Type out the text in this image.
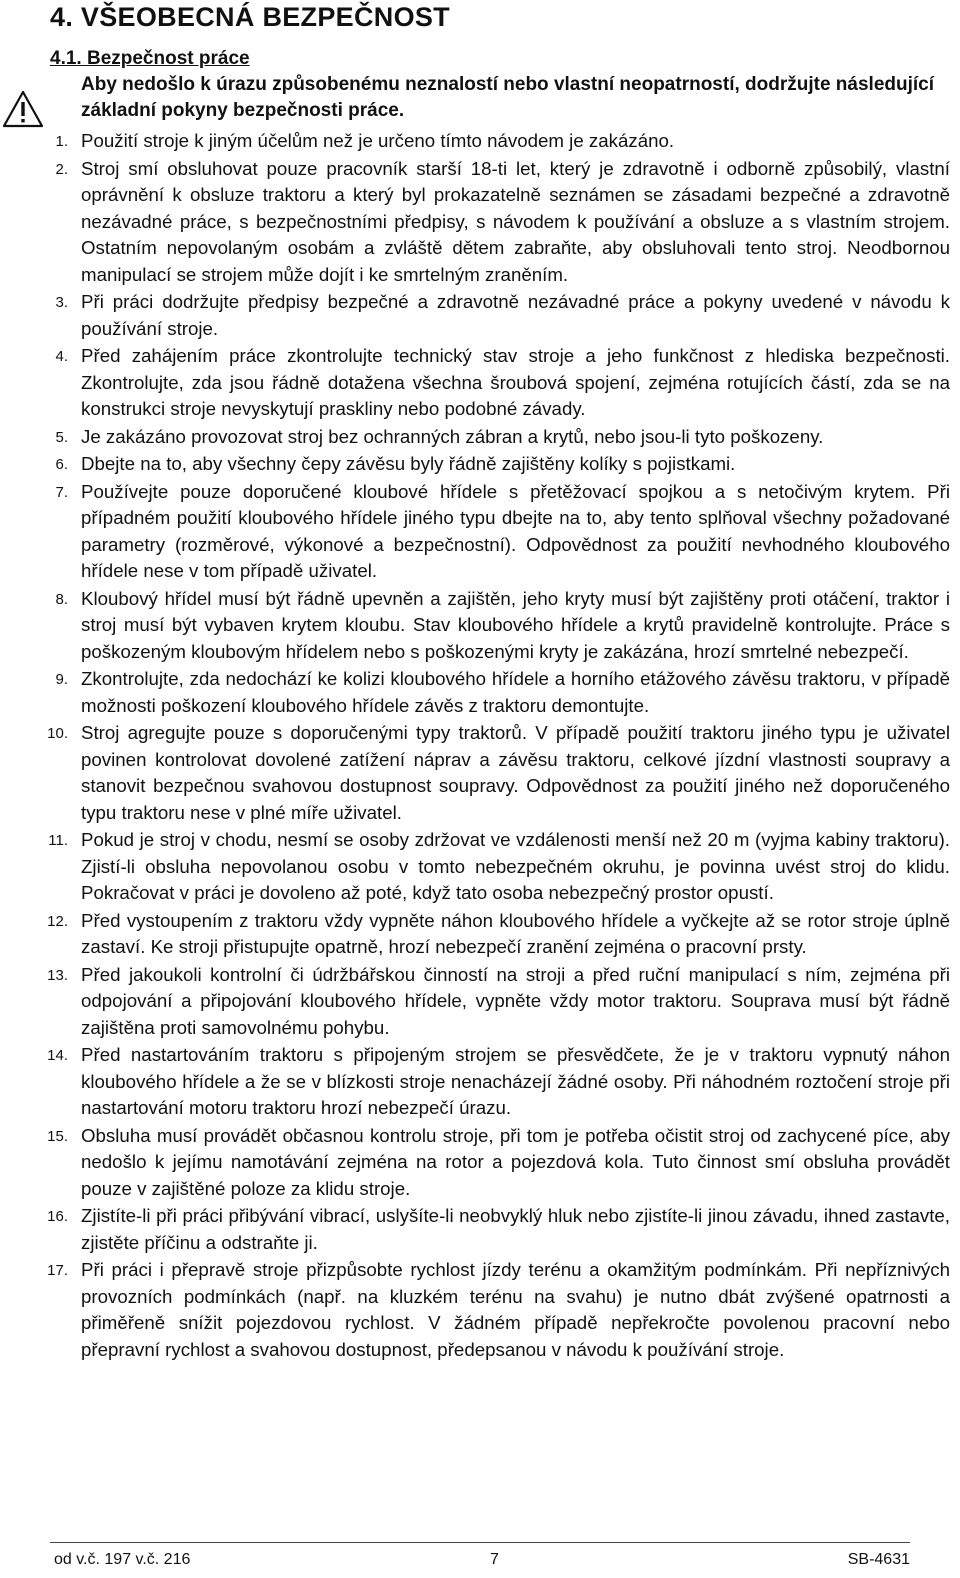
4. VŠEOBECNÁ BEZPEČNOST
4.1. Bezpečnost práce
Aby nedošlo k úrazu způsobenému neznalostí nebo vlastní neopatrností, dodržujte následující základní pokyny bezpečnosti práce.
1. Použití stroje k jiným účelům než je určeno tímto návodem je zakázáno.
2. Stroj smí obsluhovat pouze pracovník starší 18-ti let, který je zdravotně i odborně způsobilý, vlastní oprávnění k obsluze traktoru a který byl prokazatelně seznámen se zásadami bezpečné a zdravotně nezávadné práce, s bezpečnostními předpisy, s návodem k používání a obsluze a s vlastním strojem. Ostatním nepovolaným osobám a zvláště dětem zabraňte, aby obsluhovali tento stroj. Neodbornou manipulací se strojem může dojít i ke smrtelným zraněním.
3. Při práci dodržujte předpisy bezpečné a zdravotně nezávadné práce a pokyny uvedené v návodu k používání stroje.
4. Před zahájením práce zkontrolujte technický stav stroje a jeho funkčnost z hlediska bezpečnosti. Zkontrolujte, zda jsou řádně dotažena všechna šroubová spojení, zejména rotujících částí, zda se na konstrukci stroje nevyskytují praskliny nebo podobné závady.
5. Je zakázáno provozovat stroj bez ochranných zábran a krytů, nebo jsou-li tyto poškozeny.
6. Dbejte na to, aby všechny čepy závěsu byly řádně zajištěny kolíky s pojistkami.
7. Používejte pouze doporučené kloubové hřídele s přetěžovací spojkou a s netočivým krytem. Při případném použití kloubového hřídele jiného typu dbejte na to, aby tento splňoval všechny požadované parametry (rozměrové, výkonové a bezpečnostní). Odpovědnost za použití nevhodného kloubového hřídele nese v tom případě uživatel.
8. Kloubový hřídel musí být řádně upevněn a zajištěn, jeho kryty musí být zajištěny proti otáčení, traktor i stroj musí být vybaven krytem kloubu. Stav kloubového hřídele a krytů pravidelně kontrolujte. Práce s poškozeným kloubovým hřídelem nebo s poškozenými kryty je zakázána, hrozí smrtelné nebezpečí.
9. Zkontrolujte, zda nedochází ke kolizi kloubového hřídele a horního etážového závěsu traktoru, v případě možnosti poškození kloubového hřídele závěs z traktoru demontujte.
10. Stroj agregujte pouze s doporučenými typy traktorů. V případě použití traktoru jiného typu je uživatel povinen kontrolovat dovolené zatížení náprav a závěsu traktoru, celkové jízdní vlastnosti soupravy a stanovit bezpečnou svahovou dostupnost soupravy. Odpovědnost za použití jiného než doporučeného typu traktoru nese v plné míře uživatel.
11. Pokud je stroj v chodu, nesmí se osoby zdržovat ve vzdálenosti menší než 20 m (vyjma kabiny traktoru). Zjistí-li obsluha nepovolanou osobu v tomto nebezpečném okruhu, je povinna uvést stroj do klidu. Pokračovat v práci je dovoleno až poté, když tato osoba nebezpečný prostor opustí.
12. Před vystoupením z traktoru vždy vypněte náhon kloubového hřídele a vyčkejte až se rotor stroje úplně zastaví. Ke stroji přistupujte opatrně, hrozí nebezpečí zranění zejména o pracovní prsty.
13. Před jakoukoli kontrolní či údržbářskou činností na stroji a před ruční manipulací s ním, zejména při odpojování a připojování kloubového hřídele, vypněte vždy motor traktoru. Souprava musí být řádně zajištěna proti samovolnému pohybu.
14. Před nastartováním traktoru s připojeným strojem se přesvědčete, že je v traktoru vypnutý náhon kloubového hřídele a že se v blízkosti stroje nenacházejí žádné osoby. Při náhodném roztočení stroje při nastartování motoru traktoru hrozí nebezpečí úrazu.
15. Obsluha musí provádět občasnou kontrolu stroje, při tom je potřeba očistit stroj od zachycené píce, aby nedošlo k jejímu namotávání zejména na rotor a pojezdová kola. Tuto činnost smí obsluha provádět pouze v zajištěné poloze za klidu stroje.
16. Zjistíte-li při práci přibývání vibrací, uslyšíte-li neobvyklý hluk nebo zjistíte-li jinou závadu, ihned zastavte, zjistěte příčinu a odstraňte ji.
17. Při práci i přepravě stroje přizpůsobte rychlost jízdy terénu a okamžitým podmínkám. Při nepříznivých provozních podmínkách (např. na kluzkém terénu na svahu) je nutno dbát zvýšené opatrnosti a přiměřeně snížit pojezdovou rychlost. V žádném případě nepřekročte povolenou pracovní nebo přepravní rychlost a svahovou dostupnost, předepsanou v návodu k používání stroje.
od v.č. 197 v.č. 216	7	SB-4631
